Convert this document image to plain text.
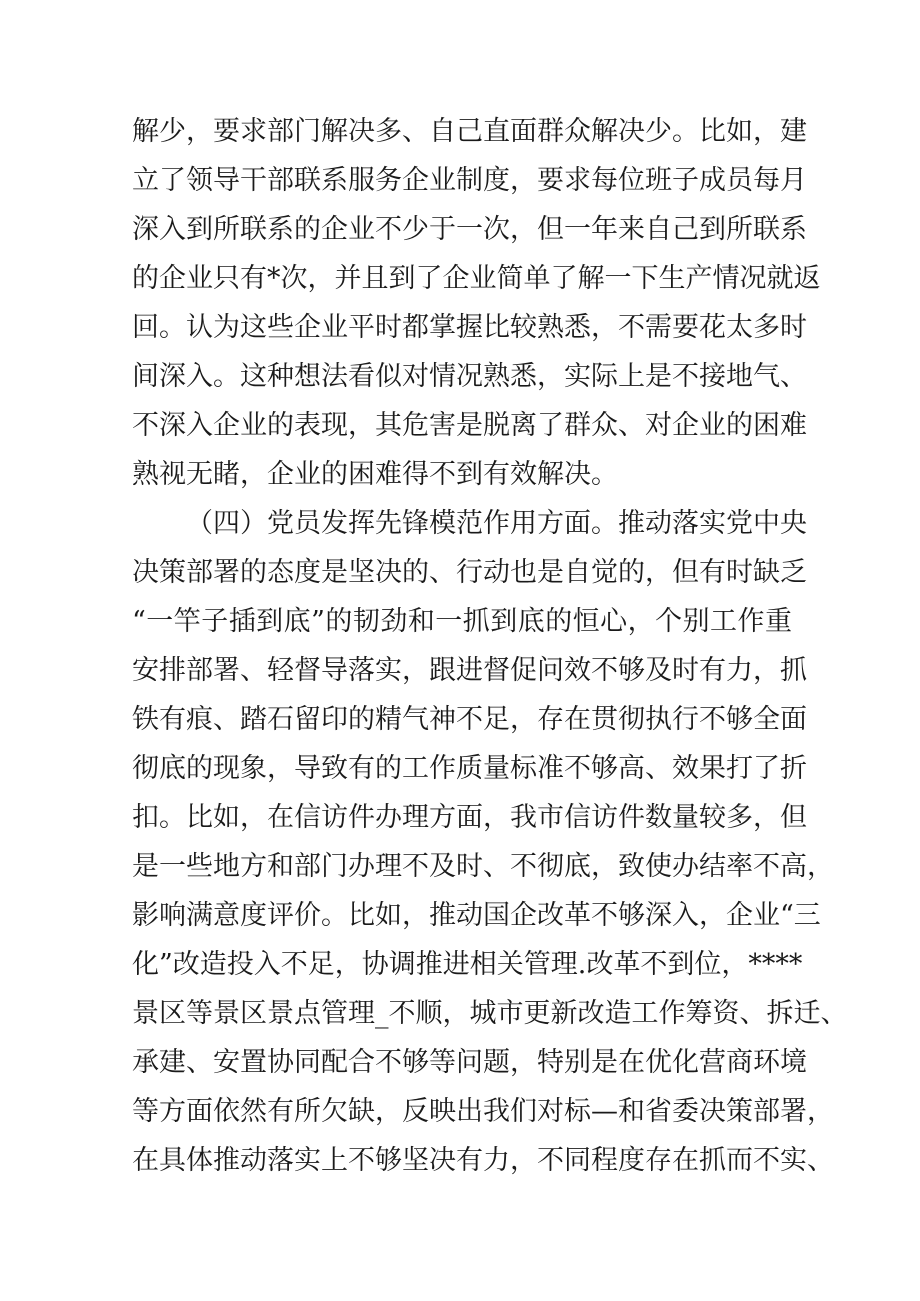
解少，要求部门解决多、自己直面群众解决少。比如，建
立了领导干部联系服务企业制度，要求每位班子成员每月
深入到所联系的企业不少于一次，但一年来自己到所联系
的企业只有*次，并且到了企业简单了解一下生产情况就返
回。认为这些企业平时都掌握比较熟悉，不需要花太多时
间深入。这种想法看似对情况熟悉，实际上是不接地气、
不深入企业的表现，其危害是脱离了群众、对企业的困难
熟视无睹，企业的困难得不到有效解决。
（四）党员发挥先锋模范作用方面。推动落实党中央
决策部署的态度是坚决的、行动也是自觉的，但有时缺乏
“一竿子插到底”的韧劲和一抓到底的恒心，个别工作重
安排部署、轻督导落实，跟进督促问效不够及时有力，抓
铁有痕、踏石留印的精气神不足，存在贯彻执行不够全面
彻底的现象，导致有的工作质量标准不够高、效果打了折
扣。比如，在信访件办理方面，我市信访件数量较多，但
是一些地方和部门办理不及时、不彻底，致使办结率不高，
影响满意度评价。比如，推动国企改革不够深入，企业“三
化”改造投入不足，协调推进相关管理.改革不到位，****
景区等景区景点管理_不顺，城市更新改造工作筹资、拆迁、
承建、安置协同配合不够等问题，特别是在优化营商环境
等方面依然有所欠缺，反映出我们对标—和省委决策部署，
在具体推动落实上不够坚决有力，不同程度存在抓而不实、
